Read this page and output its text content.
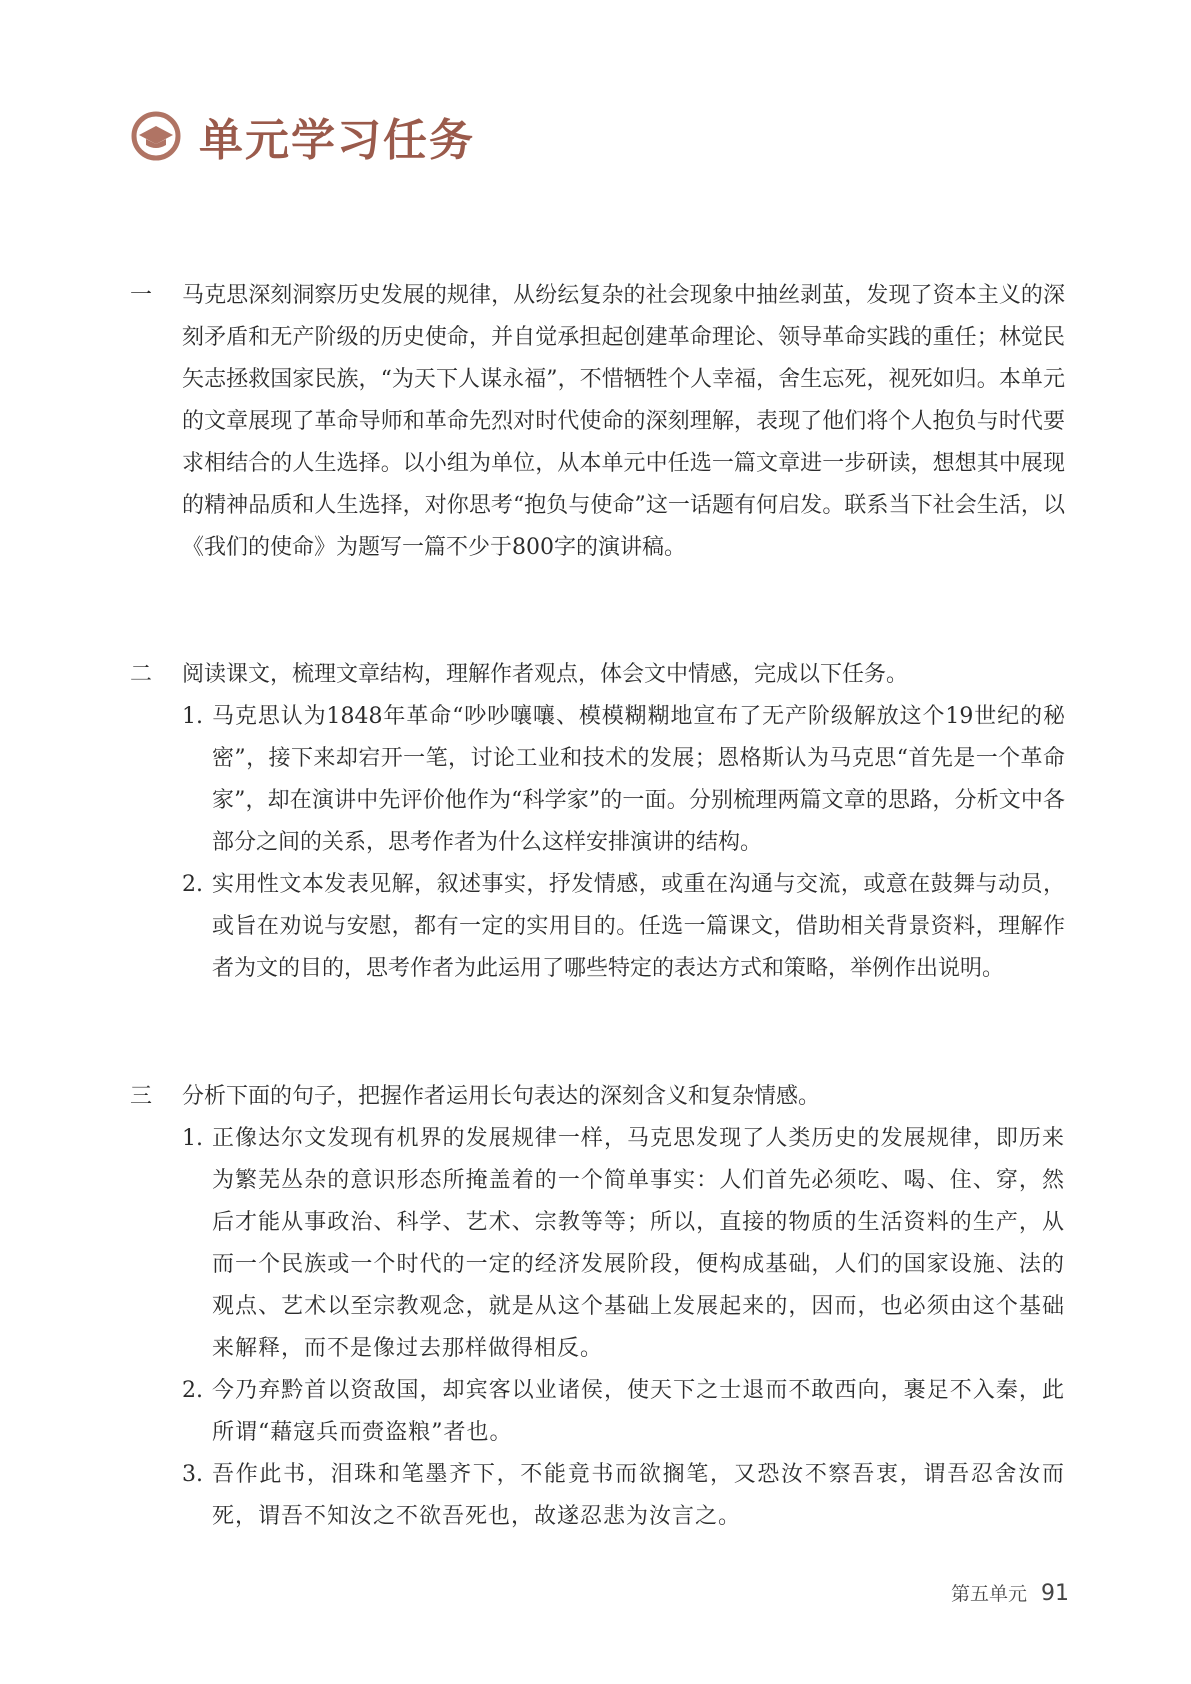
单元学习任务
一	马克思深刻洞察历史发展的规律，从纷纭复杂的社会现象中抽丝剥茧，发现了资本主义的深刻矛盾和无产阶级的历史使命，并自觉承担起创建革命理论、领导革命实践的重任；林觉民矢志拯救国家民族，“为天下人谋永福”，不惜牺牲个人幸福，舍生忘死，视死如归。本单元的文章展现了革命导师和革命先烈对时代使命的深刻理解，表现了他们将个人抱负与时代要求相结合的人生选择。以小组为单位，从本单元中任选一篇文章进一步研读，想想其中展现的精神品质和人生选择，对你思考“抱负与使命”这一话题有何启发。联系当下社会生活，以《我们的使命》为题写一篇不少于800字的演讲稿。
二	阅读课文，梳理文章结构，理解作者观点，体会文中情感，完成以下任务。
1. 马克思认为1848年革命“吵吵嚷嚷、模模糊糊地宣布了无产阶级解放这个19世纪的秘密”，接下来却宕开一笔，讨论工业和技术的发展；恩格斯认为马克思“首先是一个革命家”，却在演讲中先评价他作为“科学家”的一面。分别梳理两篇文章的思路，分析文中各部分之间的关系，思考作者为什么这样安排演讲的结构。
2. 实用性文本发表见解，叙述事实，抒发情感，或重在沟通与交流，或意在鼓舞与动员，或旨在劝说与安慰，都有一定的实用目的。任选一篇课文，借助相关背景资料，理解作者为文的目的，思考作者为此运用了哪些特定的表达方式和策略，举例作出说明。
三	分析下面的句子，把握作者运用长句表达的深刻含义和复杂情感。
1. 正像达尔文发现有机界的发展规律一样，马克思发现了人类历史的发展规律，即历来为繁芜丛杂的意识形态所掩盖着的一个简单事实：人们首先必须吃、喝、住、穿，然后才能从事政治、科学、艺术、宗教等等；所以，直接的物质的生活资料的生产，从而一个民族或一个时代的一定的经济发展阶段，便构成基础，人们的国家设施、法的观点、艺术以至宗教观念，就是从这个基础上发展起来的，因而，也必须由这个基础来解释，而不是像过去那样做得相反。
2. 今乃弃黔首以资敌国，却宾客以业诸侯，使天下之士退而不敢西向，裹足不入秦，此所谓“藉寇兵而赍盗粮”者也。
3. 吾作此书，泪珠和笔墨齐下，不能竟书而欲搁笔，又恐汝不察吾衷，谓吾忍舍汝而死，谓吾不知汝之不欲吾死也，故遂忍悲为汝言之。
第五单元 91
